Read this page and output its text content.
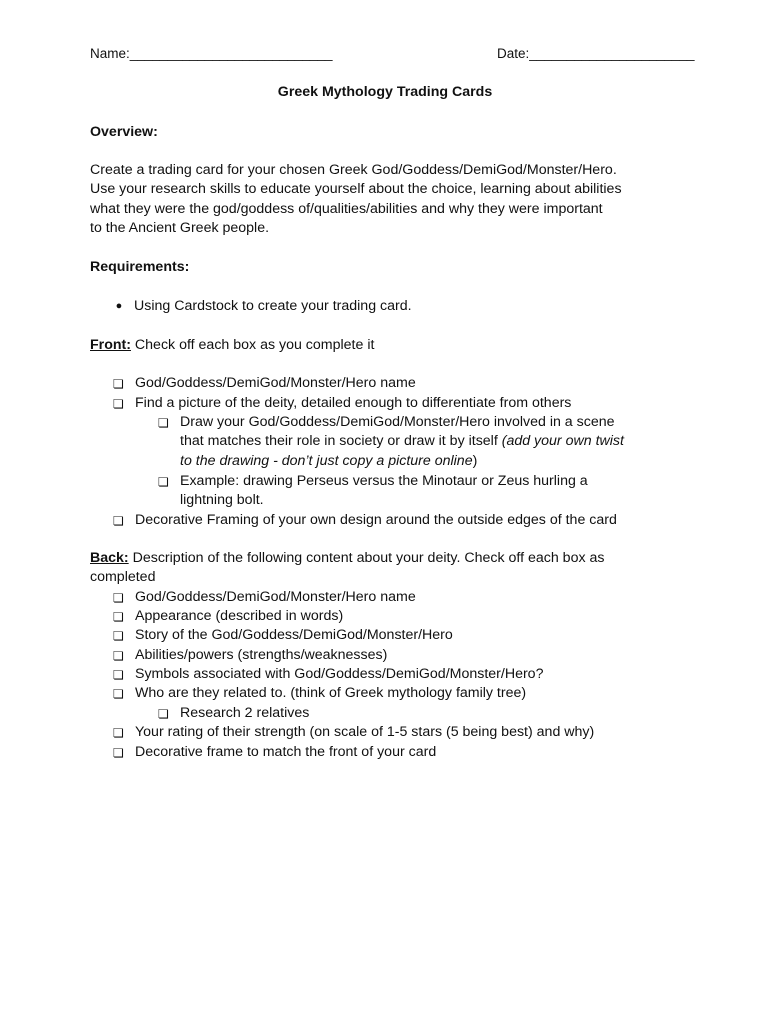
Name:___________________________	Date:______________________
Greek Mythology Trading Cards
Overview:
Create a trading card for your chosen Greek God/Goddess/DemiGod/Monster/Hero.
Use your research skills to educate yourself about the choice, learning about abilities
what they were the god/goddess of/qualities/abilities and why they were important
to the Ancient Greek people.
Requirements:
● Using Cardstock to create your trading card.
Front: Check off each box as you complete it
❏ God/Goddess/DemiGod/Monster/Hero name
❏ Find a picture of the deity, detailed enough to differentiate from others
❏ Draw your God/Goddess/DemiGod/Monster/Hero involved in a scene
that matches their role in society or draw it by itself (add your own twist
to the drawing - don’t just copy a picture online)
❏ Example: drawing Perseus versus the Minotaur or Zeus hurling a
lightning bolt.
❏ Decorative Framing of your own design around the outside edges of the card
Back: Description of the following content about your deity. Check off each box as
completed
❏ God/Goddess/DemiGod/Monster/Hero name
❏ Appearance (described in words)
❏ Story of the God/Goddess/DemiGod/Monster/Hero
❏ Abilities/powers (strengths/weaknesses)
❏ Symbols associated with God/Goddess/DemiGod/Monster/Hero?
❏ Who are they related to. (think of Greek mythology family tree)
❏ Research 2 relatives
❏ Your rating of their strength (on scale of 1-5 stars (5 being best) and why)
❏ Decorative frame to match the front of your card
